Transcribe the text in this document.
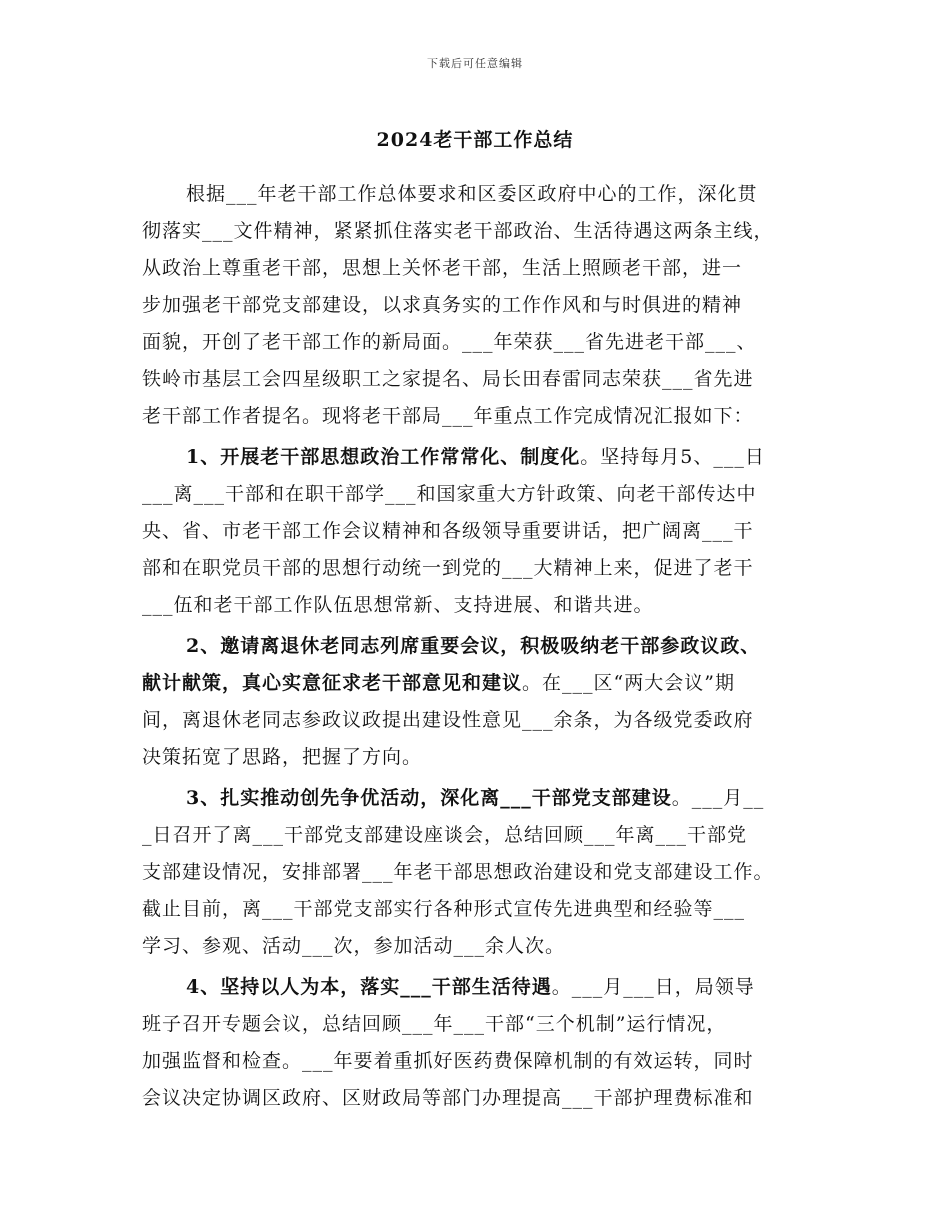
下载后可任意编辑
2024老干部工作总结
根据___年老干部工作总体要求和区委区政府中心的工作，深化贯
彻落实___文件精神，紧紧抓住落实老干部政治、生活待遇这两条主线，
从政治上尊重老干部，思想上关怀老干部，生活上照顾老干部，进一
步加强老干部党支部建设，以求真务实的工作作风和与时俱进的精神
面貌，开创了老干部工作的新局面。___年荣获___省先进老干部___、
铁岭市基层工会四星级职工之家提名、局长田春雷同志荣获___省先进
老干部工作者提名。现将老干部局___年重点工作完成情况汇报如下：
1、开展老干部思想政治工作常常化、制度化。坚持每月5、___日
___离___干部和在职干部学___和国家重大方针政策、向老干部传达中
央、省、市老干部工作会议精神和各级领导重要讲话，把广阔离___干
部和在职党员干部的思想行动统一到党的___大精神上来，促进了老干
___伍和老干部工作队伍思想常新、支持进展、和谐共进。
2、邀请离退休老同志列席重要会议，积极吸纳老干部参政议政、
献计献策，真心实意征求老干部意见和建议。在___区“两大会议”期
间，离退休老同志参政议政提出建设性意见___余条，为各级党委政府
决策拓宽了思路，把握了方向。
3、扎实推动创先争优活动，深化离___干部党支部建设。___月__
_日召开了离___干部党支部建设座谈会，总结回顾___年离___干部党
支部建设情况，安排部署___年老干部思想政治建设和党支部建设工作。
截止目前，离___干部党支部实行各种形式宣传先进典型和经验等___
学习、参观、活动___次，参加活动___余人次。
4、坚持以人为本，落实___干部生活待遇。___月___日，局领导
班子召开专题会议，总结回顾___年___干部“三个机制”运行情况，
加强监督和检查。___年要着重抓好医药费保障机制的有效运转，同时
会议决定协调区政府、区财政局等部门办理提高___干部护理费标准和
